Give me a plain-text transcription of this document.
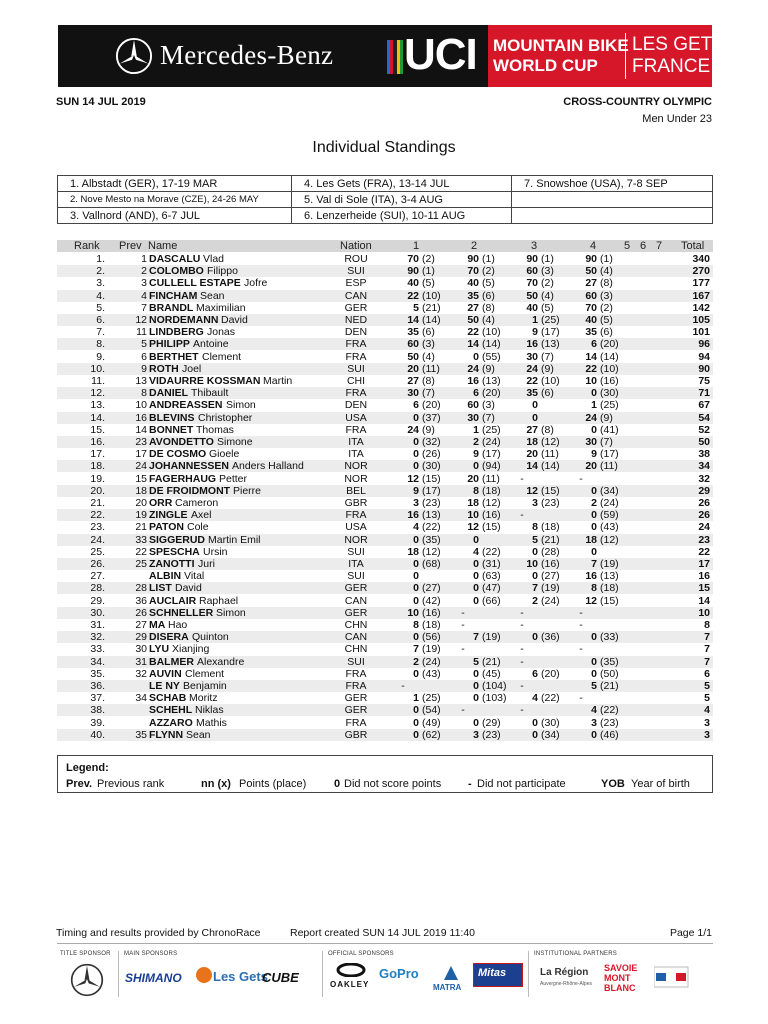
Mercedes-Benz UCI MOUNTAIN BIKE
WORLD CUP
LES GETS
FRANCE
SUN 14 JUL 2019	CROSS-COUNTRY OLYMPIC
Men Under 23
Individual Standings
1. Albstadt (GER), 17-19 MAR	4. Les Gets (FRA), 13-14 JUL	7. Snowshoe (USA), 7-8 SEP
2. Nove Mesto na Morave (CZE), 24-26 MAY	5. Val di Sole (ITA), 3-4 AUG	
3. Vallnord (AND), 6-7 JUL	6. Lenzerheide (SUI), 10-11 AUG	
Rank Prev Name	Nation	1	2	3	4	5 6 7 Total
1.	1 DASCALU	ROU	70 (2)	90 (1)	90 (1)	90 (1)	340
Vlad
2.	2 COLOMBO	SUI	90 (1)	70 (2)	60 (3)	50 (4)	270
Filippo
3.	3 CULLELL ESTAPE	ESP	40 (5)	40 (5)	70 (2)	27 (8)	177
Jofre
4.	4 FINCHAM	CAN	22 (10)	35 (6)	50 (4)	60 (3)	167
Sean
5.	7 BRANDL	GER	5 (21)	27 (8)	40 (5)	70 (2)	142
Maximilian
6.	12 NORDEMANN	NED	14 (14)	50 (4)	1 (25)	40 (5)	105
David
7.	11 LINDBERG	DEN	35 (6)	22 (10)	9 (17)	35 (6)	101
Jonas
8.	5 PHILIPP	FRA	60 (3)	14 (14)	16 (13)	6 (20)	96
Antoine
9.	6 BERTHET	FRA	50 (4)	0 (55)	30 (7)	14 (14)	94
Clement
10.	9 ROTH	SUI	20 (11)	24 (9)	24 (9)	22 (10)	90
Joel
11.	13 VIDAURRE KOSSMAN	CHI	27 (8)	16 (13)	22 (10)	10 (16)	75
Martin
12.	8 DANIEL	FRA	30 (7)	6 (20)	35 (6)	0 (30)	71
Thibault
13.	10 ANDREASSEN	DEN	6 (20)	60 (3)	0	1 (25)	67
Simon
14.	16 BLEVINS	USA	0 (37)	30 (7)	0	24 (9)	54
Christopher
15.	14 BONNET	FRA	24 (9)	1 (25)	27 (8)	0 (41)	52
Thomas
16.	23 AVONDETTO	ITA	0 (32)	2 (24)	18 (12)	30 (7)	50
Simone
17.	17 DE COSMO	ITA	0 (26)	9 (17)	20 (11)	9 (17)	38
Gioele
18.	24 JOHANNESSEN	NOR	0 (30)	0 (94)	14 (14)	20 (11)	34
Anders Halland
19.	15 FAGERHAUG	NOR	12 (15)	20 (11)	-	-	32
Petter
20.	18 DE FROIDMONT	BEL	9 (17)	8 (18)	12 (15)	0 (34)	29
Pierre
21.	20 ORR	GBR	3 (23)	18 (12)	3 (23)	2 (24)	26
Cameron
22.	19 ZINGLE	FRA	16 (13)	10 (16)	-	0 (59)	26
Axel
23.	21 PATON	USA	4 (22)	12 (15)	8 (18)	0 (43)	24
Cole
24.	33 SIGGERUD	NOR	0 (35)	0	5 (21)	18 (12)	23
Martin Emil
25.	22 SPESCHA	SUI	18 (12)	4 (22)	0 (28)	0	22
Ursin
26.	25 ZANOTTI	ITA	0 (68)	0 (31)	10 (16)	7 (19)	17
Juri
27.	ALBIN	SUI	0	0 (63)	0 (27)	16 (13)	16
Vital
28.	28 LIST	GER	0 (27)	0 (47)	7 (19)	8 (18)	15
David
29.	36 AUCLAIR	CAN	0 (42)	0 (66)	2 (24)	12 (15)	14
Raphael
30.	26 SCHNELLER	GER	10 (16)	-	-	-	10
Simon
31.	27 MA	CHN	8 (18)	-	-	-	8
Hao
32.	29 DISERA	CAN	0 (56)	7 (19)	0 (36)	0 (33)	7
Quinton
33.	30 LYU	CHN	7 (19)	-	-	-	7
Xianjing
34.	31 BALMER	SUI	2 (24)	5 (21)	-	0 (35)	7
Alexandre
35.	32 AUVIN	FRA	0 (43)	0 (45)	6 (20)	0 (50)	6
Clement
36.	LE NY	FRA	-	0 (104)	-	5 (21)	5
Benjamin
37.	34 SCHAB	GER	1 (25)	0 (103)	4 (22)	-	5
Moritz
38.	SCHEHL	GER	0 (54)	-	-	4 (22)	4
Niklas
39.	AZZARO	FRA	0 (49)	0 (29)	0 (30)	3 (23)	3
Mathis
40.	35 FLYNN	GBR	0 (62)	3 (23)	0 (34)	0 (46)	3
Sean
Legend:
Prev. Previous rank	nn (x) Points (place)	0 Did not score points - Did not participate	YOB Year of birth
Timing and results provided by ChronoRace	Report created SUN 14 JUL 2019 11:40	Page 1/1
TITLE SPONSOR MAIN SPONSORS	OFFICIAL SPONSORS	INSTITUTIONAL PARTNERS
SHIMANO Les Gets
CUBE	OAKLEY
GoPro
MATRA
Mitas	La Région
Auvergne-Rhône-Alpes
SAVOIE MONT BLANC
